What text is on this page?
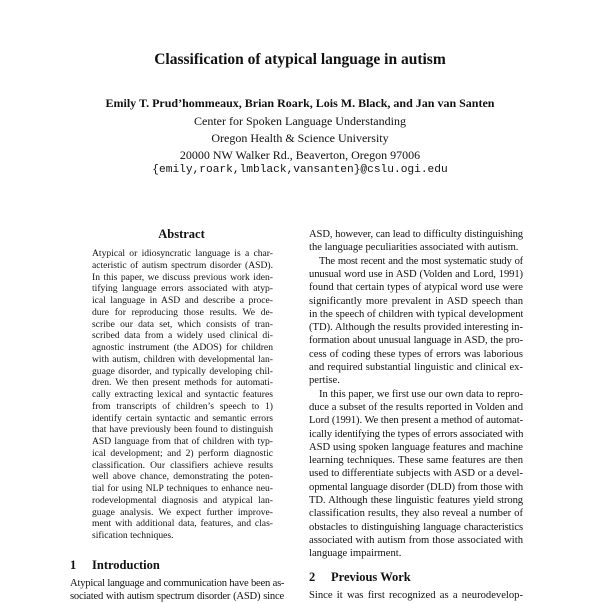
Classification of atypical language in autism
Emily T. Prud’hommeaux, Brian Roark, Lois M. Black, and Jan van Santen
Center for Spoken Language Understanding
Oregon Health & Science University
20000 NW Walker Rd., Beaverton, Oregon 97006
{emily,roark,lmblack,vansanten}@cslu.ogi.edu
Abstract
Atypical or idiosyncratic language is a char-
acteristic of autism spectrum disorder (ASD).
In this paper, we discuss previous work iden-
tifying language errors associated with atyp-
ical language in ASD and describe a proce-
dure for reproducing those results. We de-
scribe our data set, which consists of tran-
scribed data from a widely used clinical di-
agnostic instrument (the ADOS) for children
with autism, children with developmental lan-
guage disorder, and typically developing chil-
dren. We then present methods for automati-
cally extracting lexical and syntactic features
from transcripts of children’s speech to 1)
identify certain syntactic and semantic errors
that have previously been found to distinguish
ASD language from that of children with typ-
ical development; and 2) perform diagnostic
classification. Our classifiers achieve results
well above chance, demonstrating the poten-
tial for using NLP techniques to enhance neu-
rodevelopmental diagnosis and atypical lan-
guage analysis. We expect further improve-
ment with additional data, features, and clas-
sification techniques.
1 Introduction
Atypical language and communication have been as-
sociated with autism spectrum disorder (ASD) since
ASD, however, can lead to difficulty distinguishing
the language peculiarities associated with autism.
The most recent and the most systematic study of
unusual word use in ASD (Volden and Lord, 1991)
found that certain types of atypical word use were
significantly more prevalent in ASD speech than
in the speech of children with typical development
(TD). Although the results provided interesting in-
formation about unusual language in ASD, the pro-
cess of coding these types of errors was laborious
and required substantial linguistic and clinical ex-
pertise.
In this paper, we first use our own data to repro-
duce a subset of the results reported in Volden and
Lord (1991). We then present a method of automat-
ically identifying the types of errors associated with
ASD using spoken language features and machine
learning techniques. These same features are then
used to differentiate subjects with ASD or a devel-
opmental language disorder (DLD) from those with
TD. Although these linguistic features yield strong
classification results, they also reveal a number of
obstacles to distinguishing language characteristics
associated with autism from those associated with
language impairment.
2 Previous Work
Since it was first recognized as a neurodevelop-
